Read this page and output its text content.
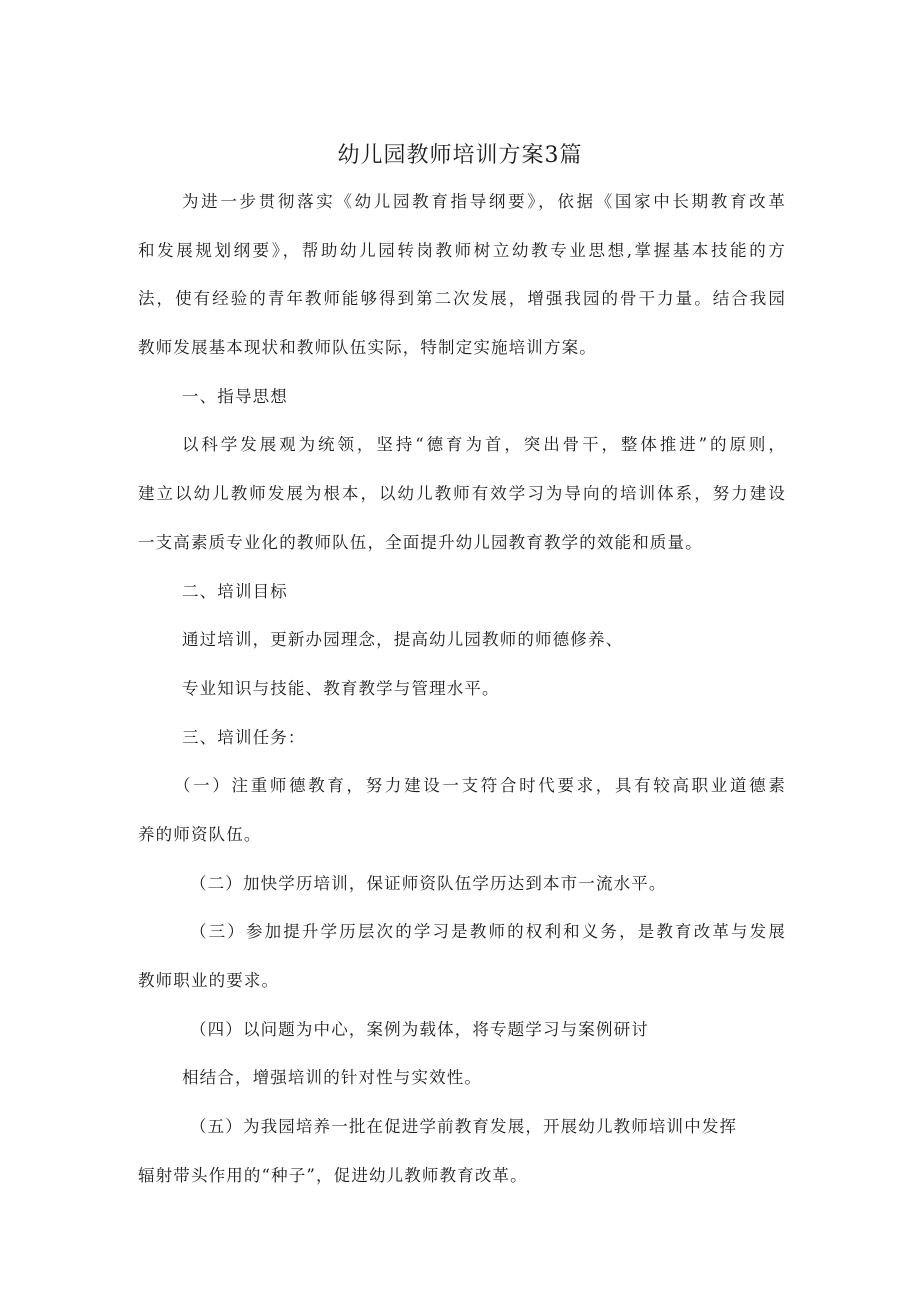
幼儿园教师培训方案3篇
为进一步贯彻落实《幼儿园教育指导纲要》，依据《国家中长期教育改革
和发展规划纲要》，帮助幼儿园转岗教师树立幼教专业思想,掌握基本技能的方
法，使有经验的青年教师能够得到第二次发展，增强我园的骨干力量。结合我园
教师发展基本现状和教师队伍实际，特制定实施培训方案。
一、指导思想
以科学发展观为统领，坚持“德育为首，突出骨干，整体推进”的原则，
建立以幼儿教师发展为根本，以幼儿教师有效学习为导向的培训体系，努力建设
一支高素质专业化的教师队伍，全面提升幼儿园教育教学的效能和质量。
二、培训目标
通过培训，更新办园理念，提高幼儿园教师的师德修养、
专业知识与技能、教育教学与管理水平。
三、培训任务：
（一）注重师德教育，努力建设一支符合时代要求，具有较高职业道德素
养的师资队伍。
（二）加快学历培训，保证师资队伍学历达到本市一流水平。
（三）参加提升学历层次的学习是教师的权利和义务，是教育改革与发展
教师职业的要求。
（四）以问题为中心，案例为载体，将专题学习与案例研讨
相结合，增强培训的针对性与实效性。
（五）为我园培养一批在促进学前教育发展，开展幼儿教师培训中发挥
辐射带头作用的“种子”，促进幼儿教师教育改革。
